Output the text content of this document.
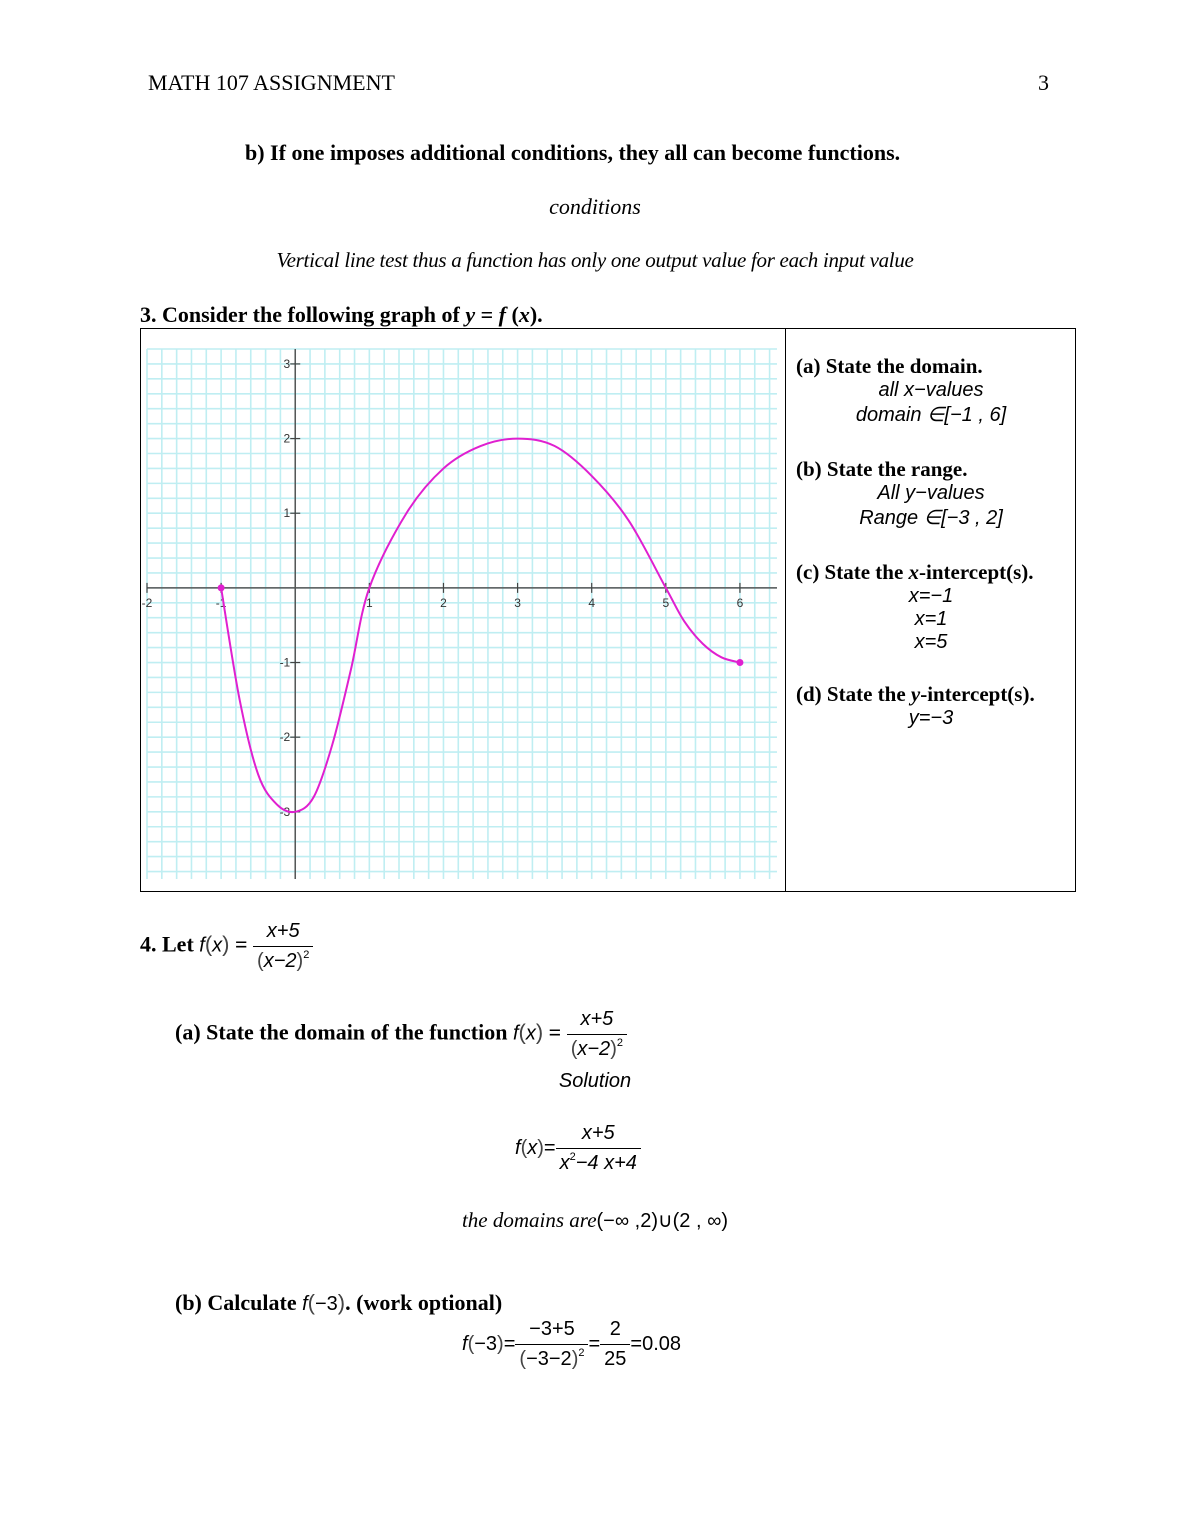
MATH 107 ASSIGNMENT	3
b) If one imposes additional conditions, they all can become functions.
conditions
Vertical line test thus a function has only one output value for each input value
3. Consider the following graph of y = f (x).
-2	-1	1	2	3	4	5	6
3
2
1
-1
-2
-3
(a) State the domain.
all x−values
domain ∈[−1 , 6]
(b) State the range.
All y−values
Range ∈[−3 , 2]
(c) State the x-intercept(s).
x=−1
x=1
x=5
(d) State the y-intercept(s).
y=−3
4. Let $f(x) = \frac{x+5}{(x-2)^2}$
(a) State the domain of the function $f(x) = \frac{x+5}{(x-2)^2}$
Solution
$f(x)= \frac{x+5}{x^2-4 x+4}$
the domains are(−∞ ,2)∪(2 , ∞)
(b) Calculate f(−3). (work optional)
$f(-3)= \frac{-3+5}{(-3-2)^2} = \frac{2}{25} =0.08$
